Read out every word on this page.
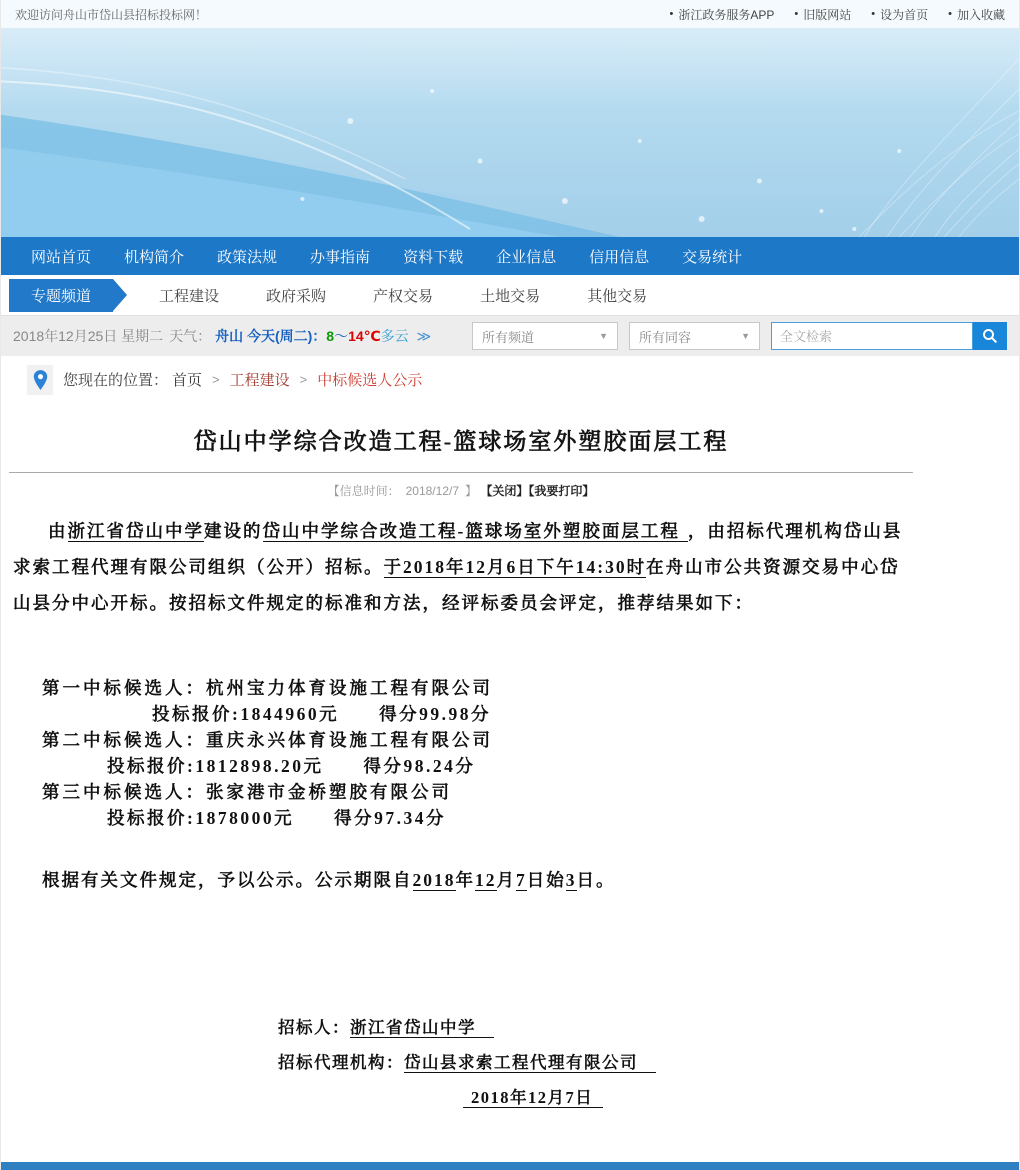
欢迎访问舟山市岱山县招标投标网！	• 浙江政务服务APP • 旧版网站 • 设为首页 • 加入收藏
网站首页 机构简介 政策法规 办事指南 资料下载 企业信息 信用信息 交易统计
专题频道	工程建设	政府采购	产权交易	土地交易	其他交易
2018年12月25日 星期二 天气： 舟山 今天(周二)：8～14℃多云 ≫	所有频道	▼ 所有同容	▼
全文检索
您现在的位置： 首页 > 工程建设 > 中标候选人公示
岱山中学综合改造工程-篮球场室外塑胶面层工程
【信息时间： 2018/12/7 】 【关闭】【我要打印】

由浙江省岱山中学建设的岱山中学综合改造工程-篮球场室外塑胶面层工程 ，由招标代理机构岱山县求索工程代理有限公司组织（公开）招标。于2018年12月6日下午14:30时在舟山市公共资源交易中心岱山县分中心开标。按招标文件规定的标准和方法，经评标委员会评定，推荐结果如下：

第一中标候选人：杭州宝力体育设施工程有限公司
投标报价:1844960元 得分99.98分
第二中标候选人：重庆永兴体育设施工程有限公司
投标报价:1812898.20元 得分98.24分
第三中标候选人：张家港市金桥塑胶有限公司
投标报价:1878000元 得分97.34分
根据有关文件规定，予以公示。公示期限自2018年12月7日始3日。
招标人：浙江省岱山中学　
招标代理机构：岱山县求索工程代理有限公司　
2018年12月7日
